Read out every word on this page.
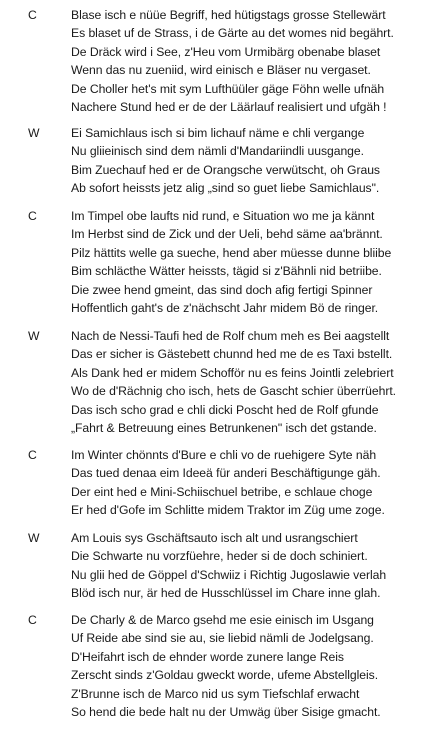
C	Blase isch e nüüe Begriff, hed hütigstags grosse Stellewärt
Es blaset uf de Strass, i de Gärte au det womes nid begährt.
De Dräck wird i See, z'Heu vom Urmibärg obenabe blaset
Wenn das nu zueniid, wird einisch e Bläser nu vergaset.
De Choller het's mit sym Lufthüüler gäge Föhn welle ufnäh
Nachere Stund hed er de der Läärlauf realisiert und ufgäh !
W	Ei Samichlaus isch si bim lichauf näme e chli vergange
Nu gliieinisch sind dem nämli d'Mandariindli uusgange.
Bim Zuechauf hed er de Orangsche verwütscht, oh Graus
Ab sofort heissts jetz alig „sind so guet liebe Samichlaus".
C	Im Timpel obe laufts nid rund, e Situation wo me ja kännt
Im Herbst sind de Zick und der Ueli, behd säme aa'brännt.
Pilz hättits welle ga sueche, hend aber müesse dunne bliibe
Bim schläcthe Wätter heissts, tägid si z'Bähnli nid betriibe.
Die zwee hend gmeint, das sind doch afig fertigi Spinner
Hoffentlich gaht's de z'nächscht Jahr midem Bö de ringer.
W	Nach de Nessi-Taufi hed de Rolf chum meh es Bei aagstellt
Das er sicher is Gästebett chunnd hed me de es Taxi bstellt.
Als Dank hed er midem Schofför nu es feins Jointli zelebriert
Wo de d'Rächnig cho isch, hets de Gascht schier überrüehrt.
Das isch scho grad e chli dicki Poscht hed de Rolf gfunde
„Fahrt & Betreuung eines Betrunkenen" isch det gstande.
C	Im Winter chönnts d'Bure e chli vo de ruehigere Syte näh
Das tued denaa eim Ideeä für anderi Beschäftigunge gäh.
Der eint hed e Mini-Schiischuel betribe, e schlaue choge
Er hed d'Gofe im Schlitte midem Traktor im Züg ume zoge.
W	Am Louis sys Gschäftsauto isch alt und usrangschiert
Die Schwarte nu vorzfüehre, heder si de doch schiniert.
Nu glii hed de Göppel d'Schwiiz i Richtig Jugoslawie verlah
Blöd isch nur, är hed de Husschlüssel im Chare inne glah.
C	De Charly & de Marco gsehd me esie einisch im Usgang
Uf Reide abe sind sie au, sie liebid nämli de Jodelgsang.
D'Heifahrt isch de ehnder worde zunere lange Reis
Zerscht sinds z'Goldau gweckt worde, ufeme Abstellgleis.
Z'Brunne isch de Marco nid us sym Tiefschlaf erwacht
So hend die bede halt nu der Umwäg über Sisige gmacht.
